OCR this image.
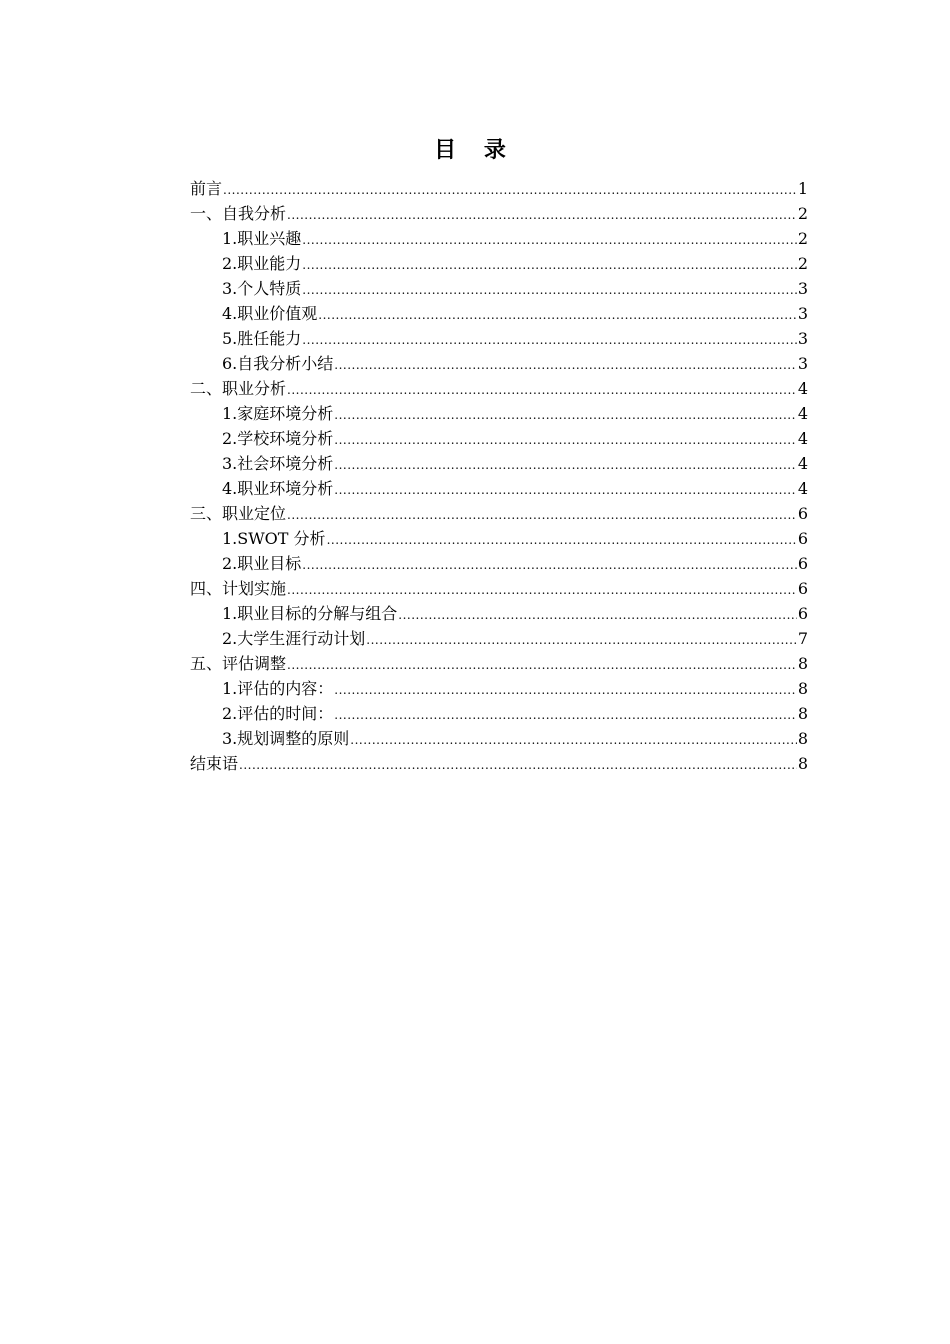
目 录
前言 .....	1
一、自我分析 .....	2
1.职业兴趣 .....	2
2.职业能力 .....	2
3.个人特质 .....	3
4.职业价值观 .....	3
5.胜任能力 .....	3
6.自我分析小结 .....	3
二、职业分析 .....	4
1.家庭环境分析 .....	4
2.学校环境分析 .....	4
3.社会环境分析 .....	4
4.职业环境分析 .....	4
三、职业定位 .....	6
1.SWOT 分析 .....	6
2.职业目标 .....	6
四、计划实施 .....	6
1.职业目标的分解与组合 .....	6
2.大学生涯行动计划 .....	7
五、评估调整 .....	8
1.评估的内容： .....	8
2.评估的时间： .....	8
3.规划调整的原则 .....	8
结束语 .....	8
